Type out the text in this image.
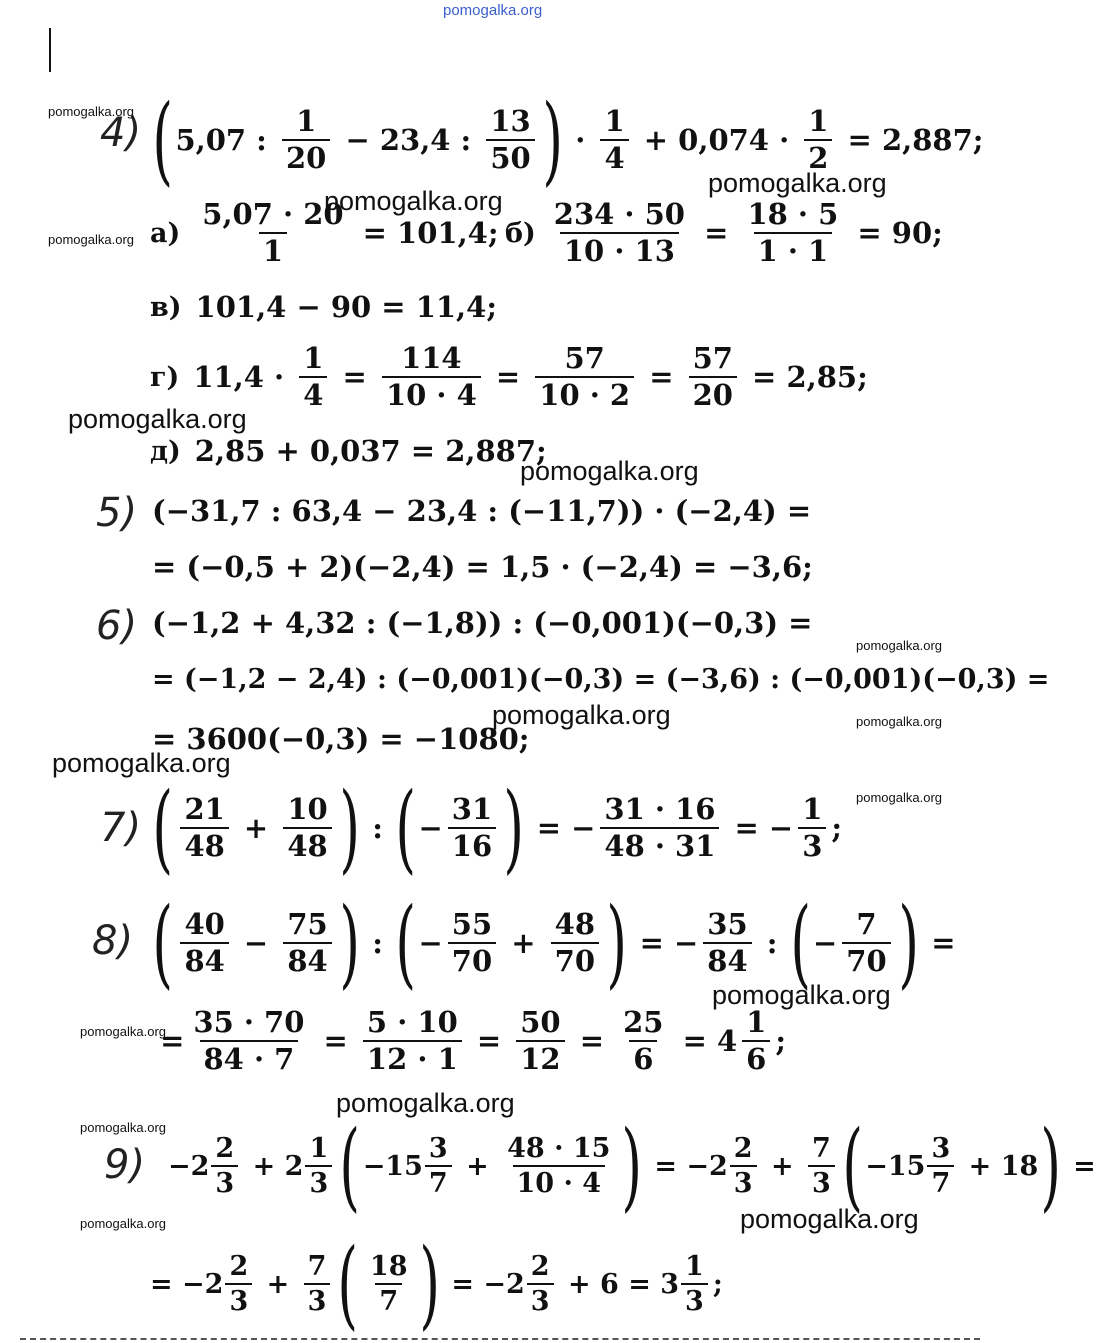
pomogalka.org
4) ( 5,07 : $\frac{1}{20} - 23,4$ : $\frac{13}{50}$ ) · $\frac{1}{4} + 0,074 \cdot \frac{1}{2} = 2,887$;
$а) \frac{5,07 \cdot 20}{1} = 101,4$; $б) \frac{234 \cdot 50}{10 \cdot 13} = \frac{18 \cdot 5}{1 \cdot 1} = 90$;
в) 101,4 − 90 = 11,4;
г) $11,4 \cdot \frac{1}{4} = \frac{114}{10 \cdot 4} = \frac{57}{10 \cdot 2} = \frac{57}{20} = 2,85$;
д) 2,85 + 0,037 = 2,887;
5) (−31,7 : 63,4 − 23,4 : (−11,7)) · (−2,4) =
= (−0,5 + 2)(−2,4) = 1,5 · (−2,4) = −3,6;
6) (−1,2 + 4,32 : (−1,8)) : (−0,001)(−0,3) =
= (−1,2 − 2,4) : (−0,001)(−0,3) = (−3,6) : (−0,001)(−0,3) =
= 3600(−0,3) = −1080;
7) ( $\frac{21}{48} + \frac{10}{48}$ ) : ( − $\frac{31}{16}$ ) = − $\frac{31 \cdot 16}{48 \cdot 31}$ = − $\frac{1}{3}$ ;
8) ( $\frac{40}{84} - \frac{75}{84}$ ) : ( − $\frac{55}{70} + \frac{48}{70}$ ) = − $\frac{35}{84}$ : ( − $\frac{7}{70}$ ) =
= $\frac{35 \cdot 70}{84 \cdot 7} = \frac{5 \cdot 10}{12 \cdot 1} = \frac{50}{12} = \frac{25}{6} = 4 \frac{1}{6}$ ;
$9) -2 \frac{2}{3} + 2 \frac{1}{3}$ ( $-15 \frac{3}{7} + \frac{48 \cdot 15}{10 \cdot 4}$ ) = $-2 \frac{2}{3} + \frac{7}{3}$ ( $-15 \frac{3}{7} + 18$ ) =
= $-2 \frac{2}{3} + \frac{7}{3}$ ( $\frac{18}{7}$ ) = $-2 \frac{2}{3} + 6 = 3 \frac{1}{3}$ ;
pomogalka.org
pomogalka.org
pomogalka.org
pomogalka.org
pomogalka.org
pomogalka.org
pomogalka.org
pomogalka.org	pomogalka.org
pomogalka.org
pomogalka.org
pomogalka.org
pomogalka.org
pomogalka.org
pomogalka.org
pomogalka.org
pomogalka.org
